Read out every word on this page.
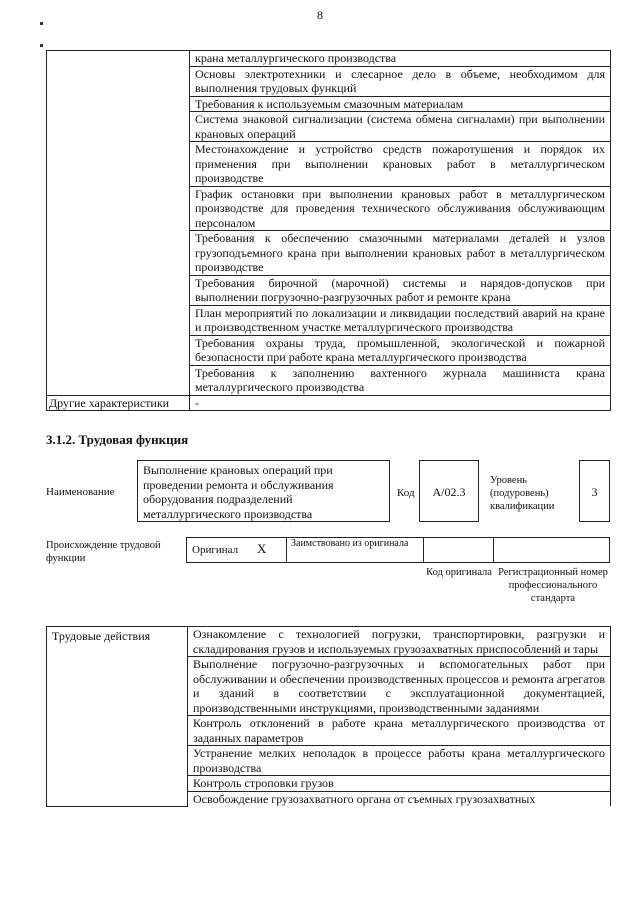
8
	крана металлургического производства
	Основы электротехники и слесарное дело в объеме, необходимом для выполнения трудовых функций
	Требования к используемым смазочным материалам
	Система знаковой сигнализации (система обмена сигналами) при выполнении крановых операций
	Местонахождение и устройство средств пожаротушения и порядок их применения при выполнении крановых работ в металлургическом производстве
	График остановки при выполнении крановых работ в металлургическом производстве для проведения технического обслуживания обслуживающим персоналом
	Требования к обеспечению смазочными материалами деталей и узлов грузоподъемного крана при выполнении крановых работ в металлургическом производстве
	Требования бирочной (марочной) системы и нарядов-допусков при выполнении погрузочно-разгрузочных работ и ремонте крана
	План мероприятий по локализации и ликвидации последствий аварий на кране и производственном участке металлургического производства
	Требования охраны труда, промышленной, экологической и пожарной безопасности при работе крана металлургического производства
	Требования к заполнению вахтенного журнала машиниста крана металлургического производства
Другие характеристики	-
3.1.2. Трудовая функция
Наименование
Выполнение крановых операций при проведении ремонта и обслуживания оборудования подразделений металлургического производства
Код	А/02.3
Уровень (подуровень) квалификации
3
Происхождение трудовой функции
Оригинал X Заимствовано из оригинала
Код оригинала Регистрационный номер профессионального стандарта
Трудовые действия	Ознакомление с технологией погрузки, транспортировки, разгрузки и складирования грузов и используемых грузозахватных приспособлений и тары
Выполнение погрузочно-разгрузочных и вспомогательных работ при обслуживании и обеспечении производственных процессов и ремонта агрегатов и зданий в соответствии с эксплуатационной документацией, производственными инструкциями, производственными заданиями
Контроль отклонений в работе крана металлургического производства от заданных параметров
Устранение мелких неполадок в процессе работы крана металлургического производства
Контроль строповки грузов
Освобождение грузозахватного органа от съемных грузозахватных
